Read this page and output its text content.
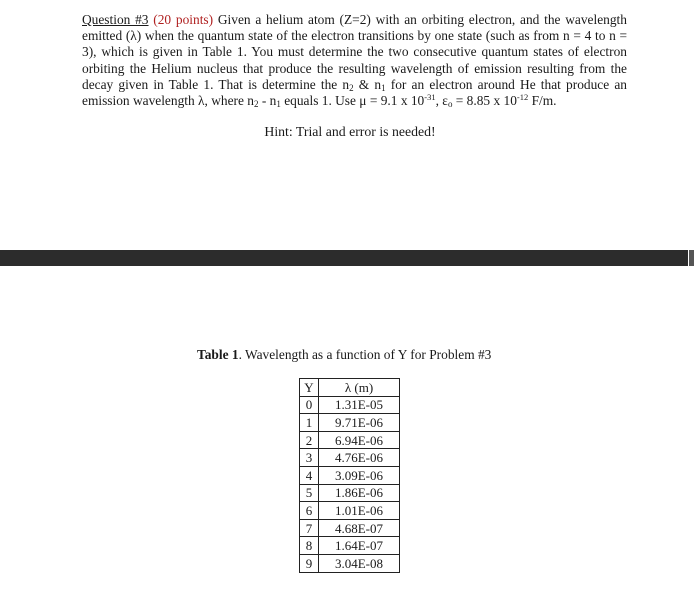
Question #3 (20 points) Given a helium atom (Z=2) with an orbiting electron, and the wavelength emitted (λ) when the quantum state of the electron transitions by one state (such as from n = 4 to n = 3), which is given in Table 1. You must determine the two consecutive quantum states of electron orbiting the Helium nucleus that produce the resulting wavelength of emission resulting from the decay given in Table 1. That is determine the $n_2$ & $n_1$ for an electron around He that produce an emission wavelength λ, where $n_2 - n_1$ equals 1. Use μ = 9.1 x $10^{-31}$, $\varepsilon_o = 8.85$ x $10^{-12}$ F/m.
Hint: Trial and error is needed!
Table 1. Wavelength as a function of Y for Problem #3
Y	λ (m)
0	1.31E-05
1	9.71E-06
2	6.94E-06
3	4.76E-06
4	3.09E-06
5	1.86E-06
6	1.01E-06
7	4.68E-07
8	1.64E-07
9	3.04E-08
